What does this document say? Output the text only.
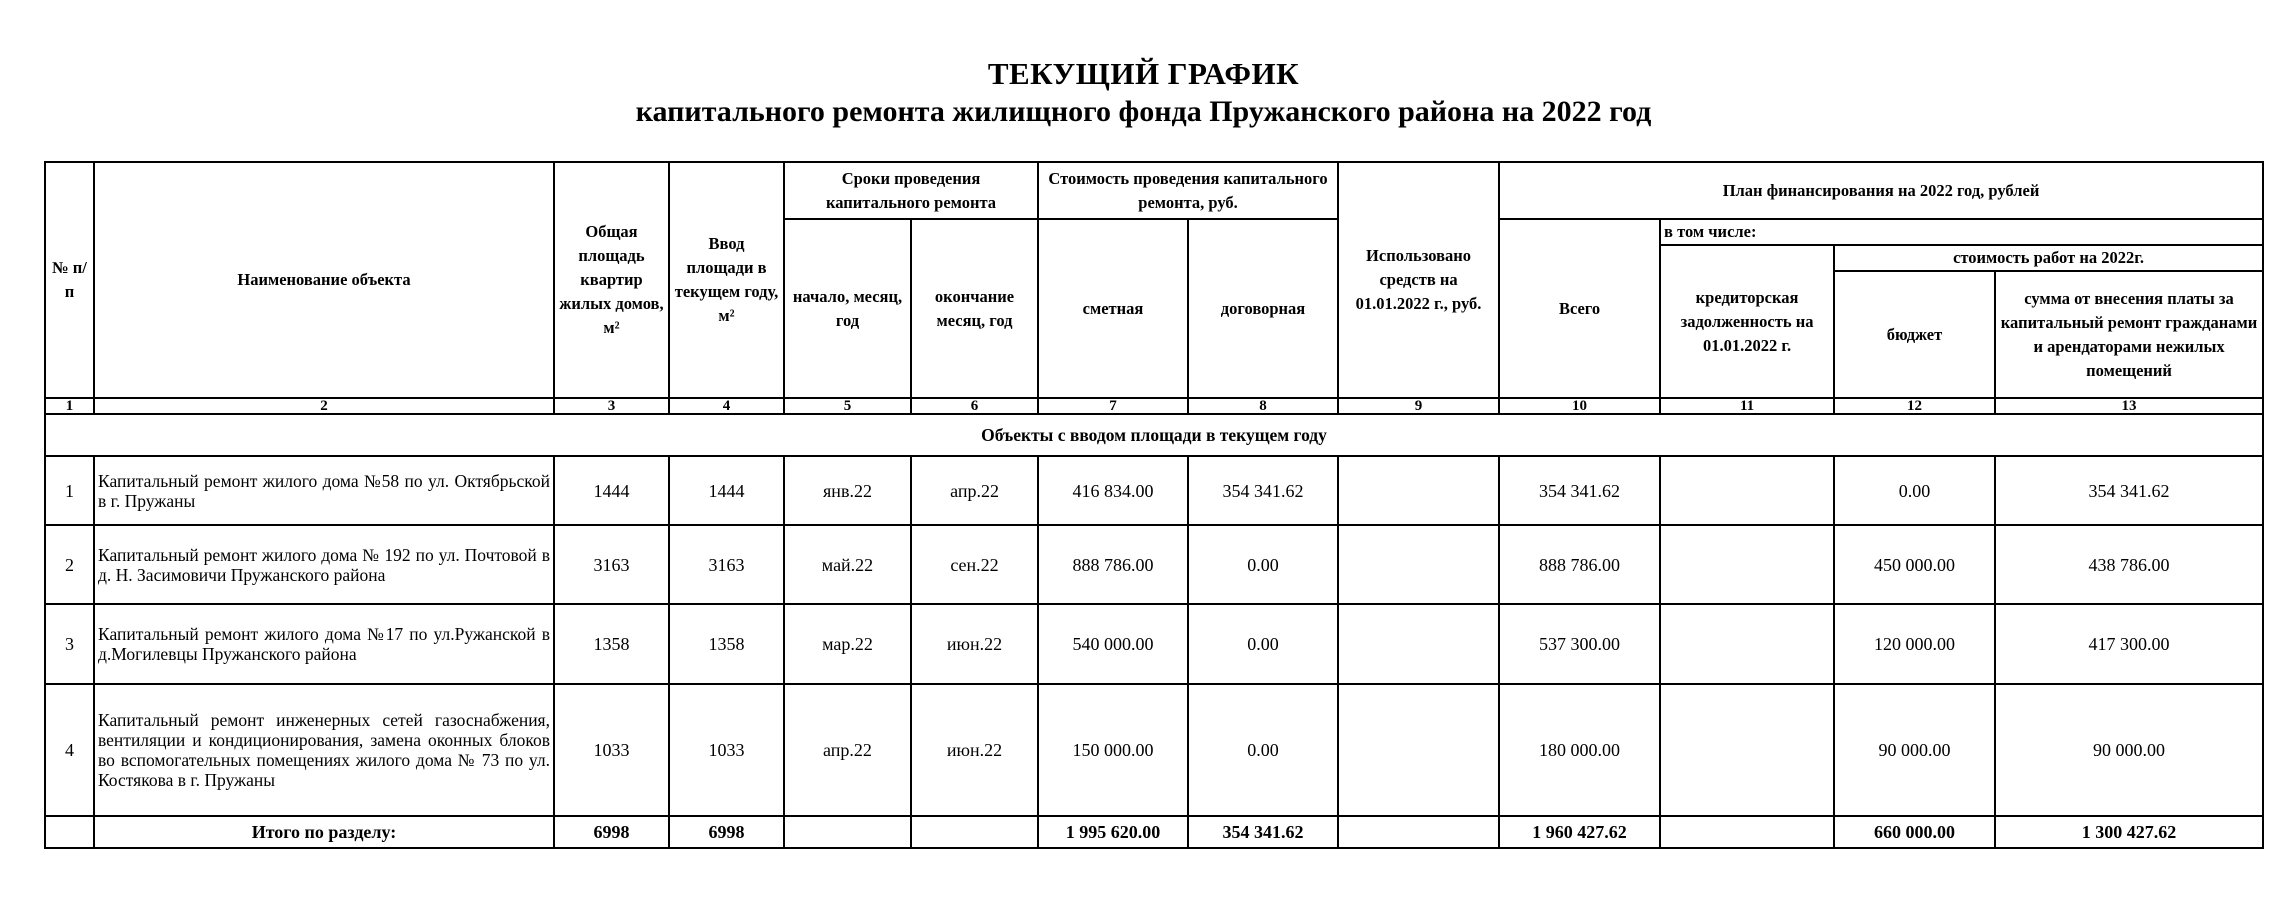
ТЕКУЩИЙ ГРАФИК
капитального ремонта жилищного фонда Пружанского района на 2022 год
№ п/п	Наименование объекта	Общая площадь квартир жилых домов, м²	Ввод площади в текущем году, м²	Сроки проведения капитального ремонта		Стоимость проведения капитального ремонта, руб.		Использовано средств на 01.01.2022 г., руб.	План финансирования на 2022 год, рублей			
				начало, месяц, год	окончание месяц, год	сметная	договорная		Всего	в том числе:		
										кредиторская задолженность на 01.01.2022 г.	стоимость работ на 2022г.	
											бюджет	сумма от внесения платы за капитальный ремонт гражданами и арендаторами нежилых помещений
1	2	3	4	5	6	7	8	9	10	11	12	13
Объекты с вводом площади в текущем году												
1	Капитальный ремонт жилого дома №58 по ул. Октябрьской в г. Пружаны	1444	1444	янв.22	апр.22	416 834.00	354 341.62		354 341.62		0.00	354 341.62
2	Капитальный ремонт жилого дома № 192 по ул. Почтовой в д. Н. Засимовичи Пружанского района	3163	3163	май.22	сен.22	888 786.00	0.00		888 786.00		450 000.00	438 786.00
3	Капитальный ремонт жилого дома №17 по ул.Ружанской в д.Могилевцы Пружанского района	1358	1358	мар.22	июн.22	540 000.00	0.00		537 300.00		120 000.00	417 300.00
4	Капитальный ремонт инженерных сетей газоснабжения, вентиляции и кондиционирования, замена оконных блоков во вспомогательных помещениях жилого дома № 73 по ул. Костякова в г. Пружаны	1033	1033	апр.22	июн.22	150 000.00	0.00		180 000.00		90 000.00	90 000.00
	Итого по разделу:	6998	6998			1 995 620.00	354 341.62		1 960 427.62		660 000.00	1 300 427.62
